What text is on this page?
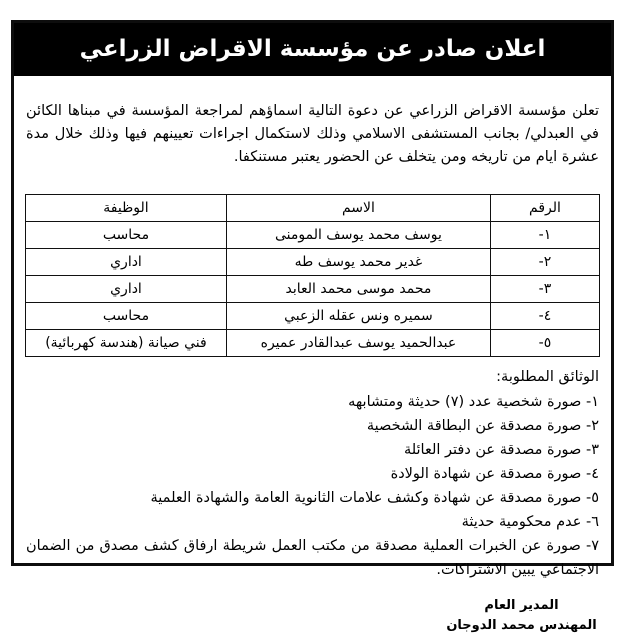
اعلان صادر عن مؤسسة الاقراض الزراعي

تعلن مؤسسة الاقراض الزراعي عن دعوة التالية اسماؤهم لمراجعة المؤسسة في مبناها الكائن في العبدلي/ بجانب المستشفى الاسلامي وذلك لاستكمال اجراءات تعيينهم فيها وذلك خلال مدة عشرة ايام من تاريخه ومن يتخلف عن الحضور يعتبر مستنكفا.

الرقم	الاسم	الوظيفة
١-	يوسف محمد يوسف المومنى	محاسب
٢-	غدير محمد يوسف طه	اداري
٣-	محمد موسى محمد العابد	اداري
٤-	سميره ونس عقله الزعبي	محاسب
٥-	عبدالحميد يوسف عبدالقادر عميره	فني صيانة (هندسة كهربائية)
الوثائق المطلوبة:
١- صورة شخصية عدد (٧) حديثة ومتشابهه
٢- صورة مصدقة عن البطاقة الشخصية
٣- صورة مصدقة عن دفتر العائلة
٤- صورة مصدقة عن شهادة الولادة
٥- صورة مصدقة عن شهادة وكشف علامات الثانوية العامة والشهادة العلمية
٦- عدم محكومية حديثة
٧- صورة عن الخبرات العملية مصدقة من مكتب العمل شريطة ارفاق كشف مصدق من الضمان الاجتماعي يبين الاشتراكات.
المدير العام
المهندس محمد الدوجان
